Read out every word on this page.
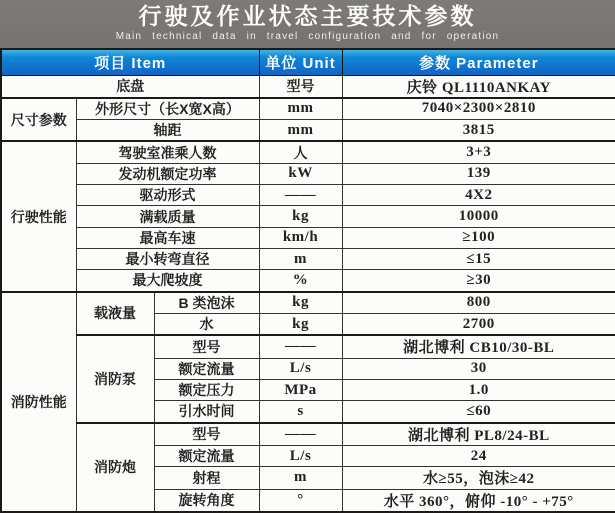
行驶及作业状态主要技术参数
Main technical data in travel configuration and for operation
项目 Item			单位 Unit	参数 Parameter
底盘			型号	庆铃 QL1110ANKAY
尺寸参数	外形尺寸（长X宽X高）		mm	7040×2300×2810
	轴距		mm	3815
行驶性能	驾驶室准乘人数		人	3+3
	发动机额定功率		kW	139
	驱动形式		——	4X2
	满载质量		kg	10000
	最高车速		km/h	≥100
	最小转弯直径		m	≤15
	最大爬坡度		%	≥30
消防性能	载液量	B 类泡沫	kg	800
		水	kg	2700
	消防泵	型号	——	湖北博利 CB10/30-BL
		额定流量	L/s	30
		额定压力	MPa	1.0
		引水时间	s	≤60
	消防炮	型号	——	湖北博利 PL8/24-BL
		额定流量	L/s	24
		射程	m	水≥55，泡沫≥42
		旋转角度	°	水平 360°，俯仰 -10° - +75°
